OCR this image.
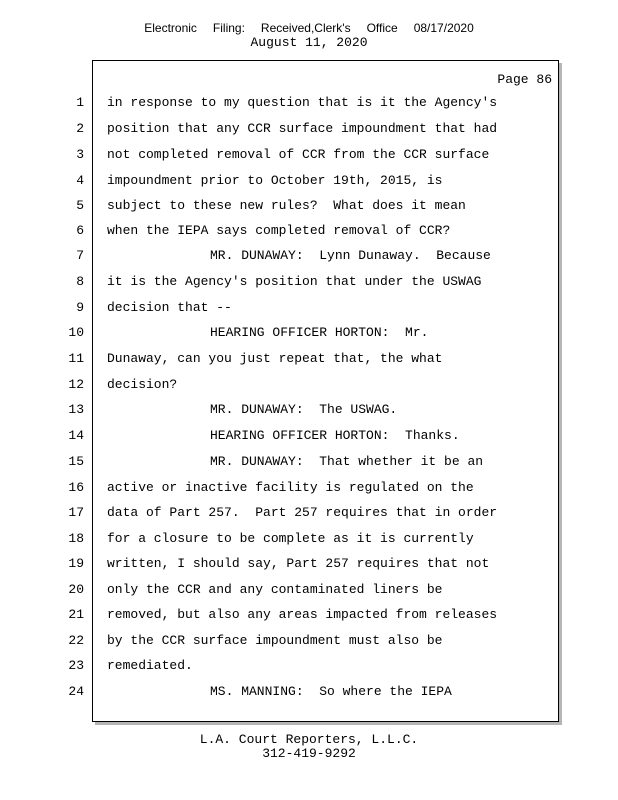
Electronic Filing: Received,Clerk's Office 08/17/2020
August 11, 2020
Page 86
1 in response to my question that is it the Agency's
2 position that any CCR surface impoundment that had
3 not completed removal of CCR from the CCR surface
4 impoundment prior to October 19th, 2015, is
5 subject to these new rules?  What does it mean
6 when the IEPA says completed removal of CCR?
7	MR. DUNAWAY:  Lynn Dunaway.  Because
8 it is the Agency's position that under the USWAG
9 decision that --
10	HEARING OFFICER HORTON:  Mr.
11 Dunaway, can you just repeat that, the what
12 decision?
13	MR. DUNAWAY:  The USWAG.
14	HEARING OFFICER HORTON:  Thanks.
15	MR. DUNAWAY:  That whether it be an
16 active or inactive facility is regulated on the
17 data of Part 257.  Part 257 requires that in order
18 for a closure to be complete as it is currently
19 written, I should say, Part 257 requires that not
20 only the CCR and any contaminated liners be
21 removed, but also any areas impacted from releases
22 by the CCR surface impoundment must also be
23 remediated.
24	MS. MANNING:  So where the IEPA
L.A. Court Reporters, L.L.C.
312-419-9292
